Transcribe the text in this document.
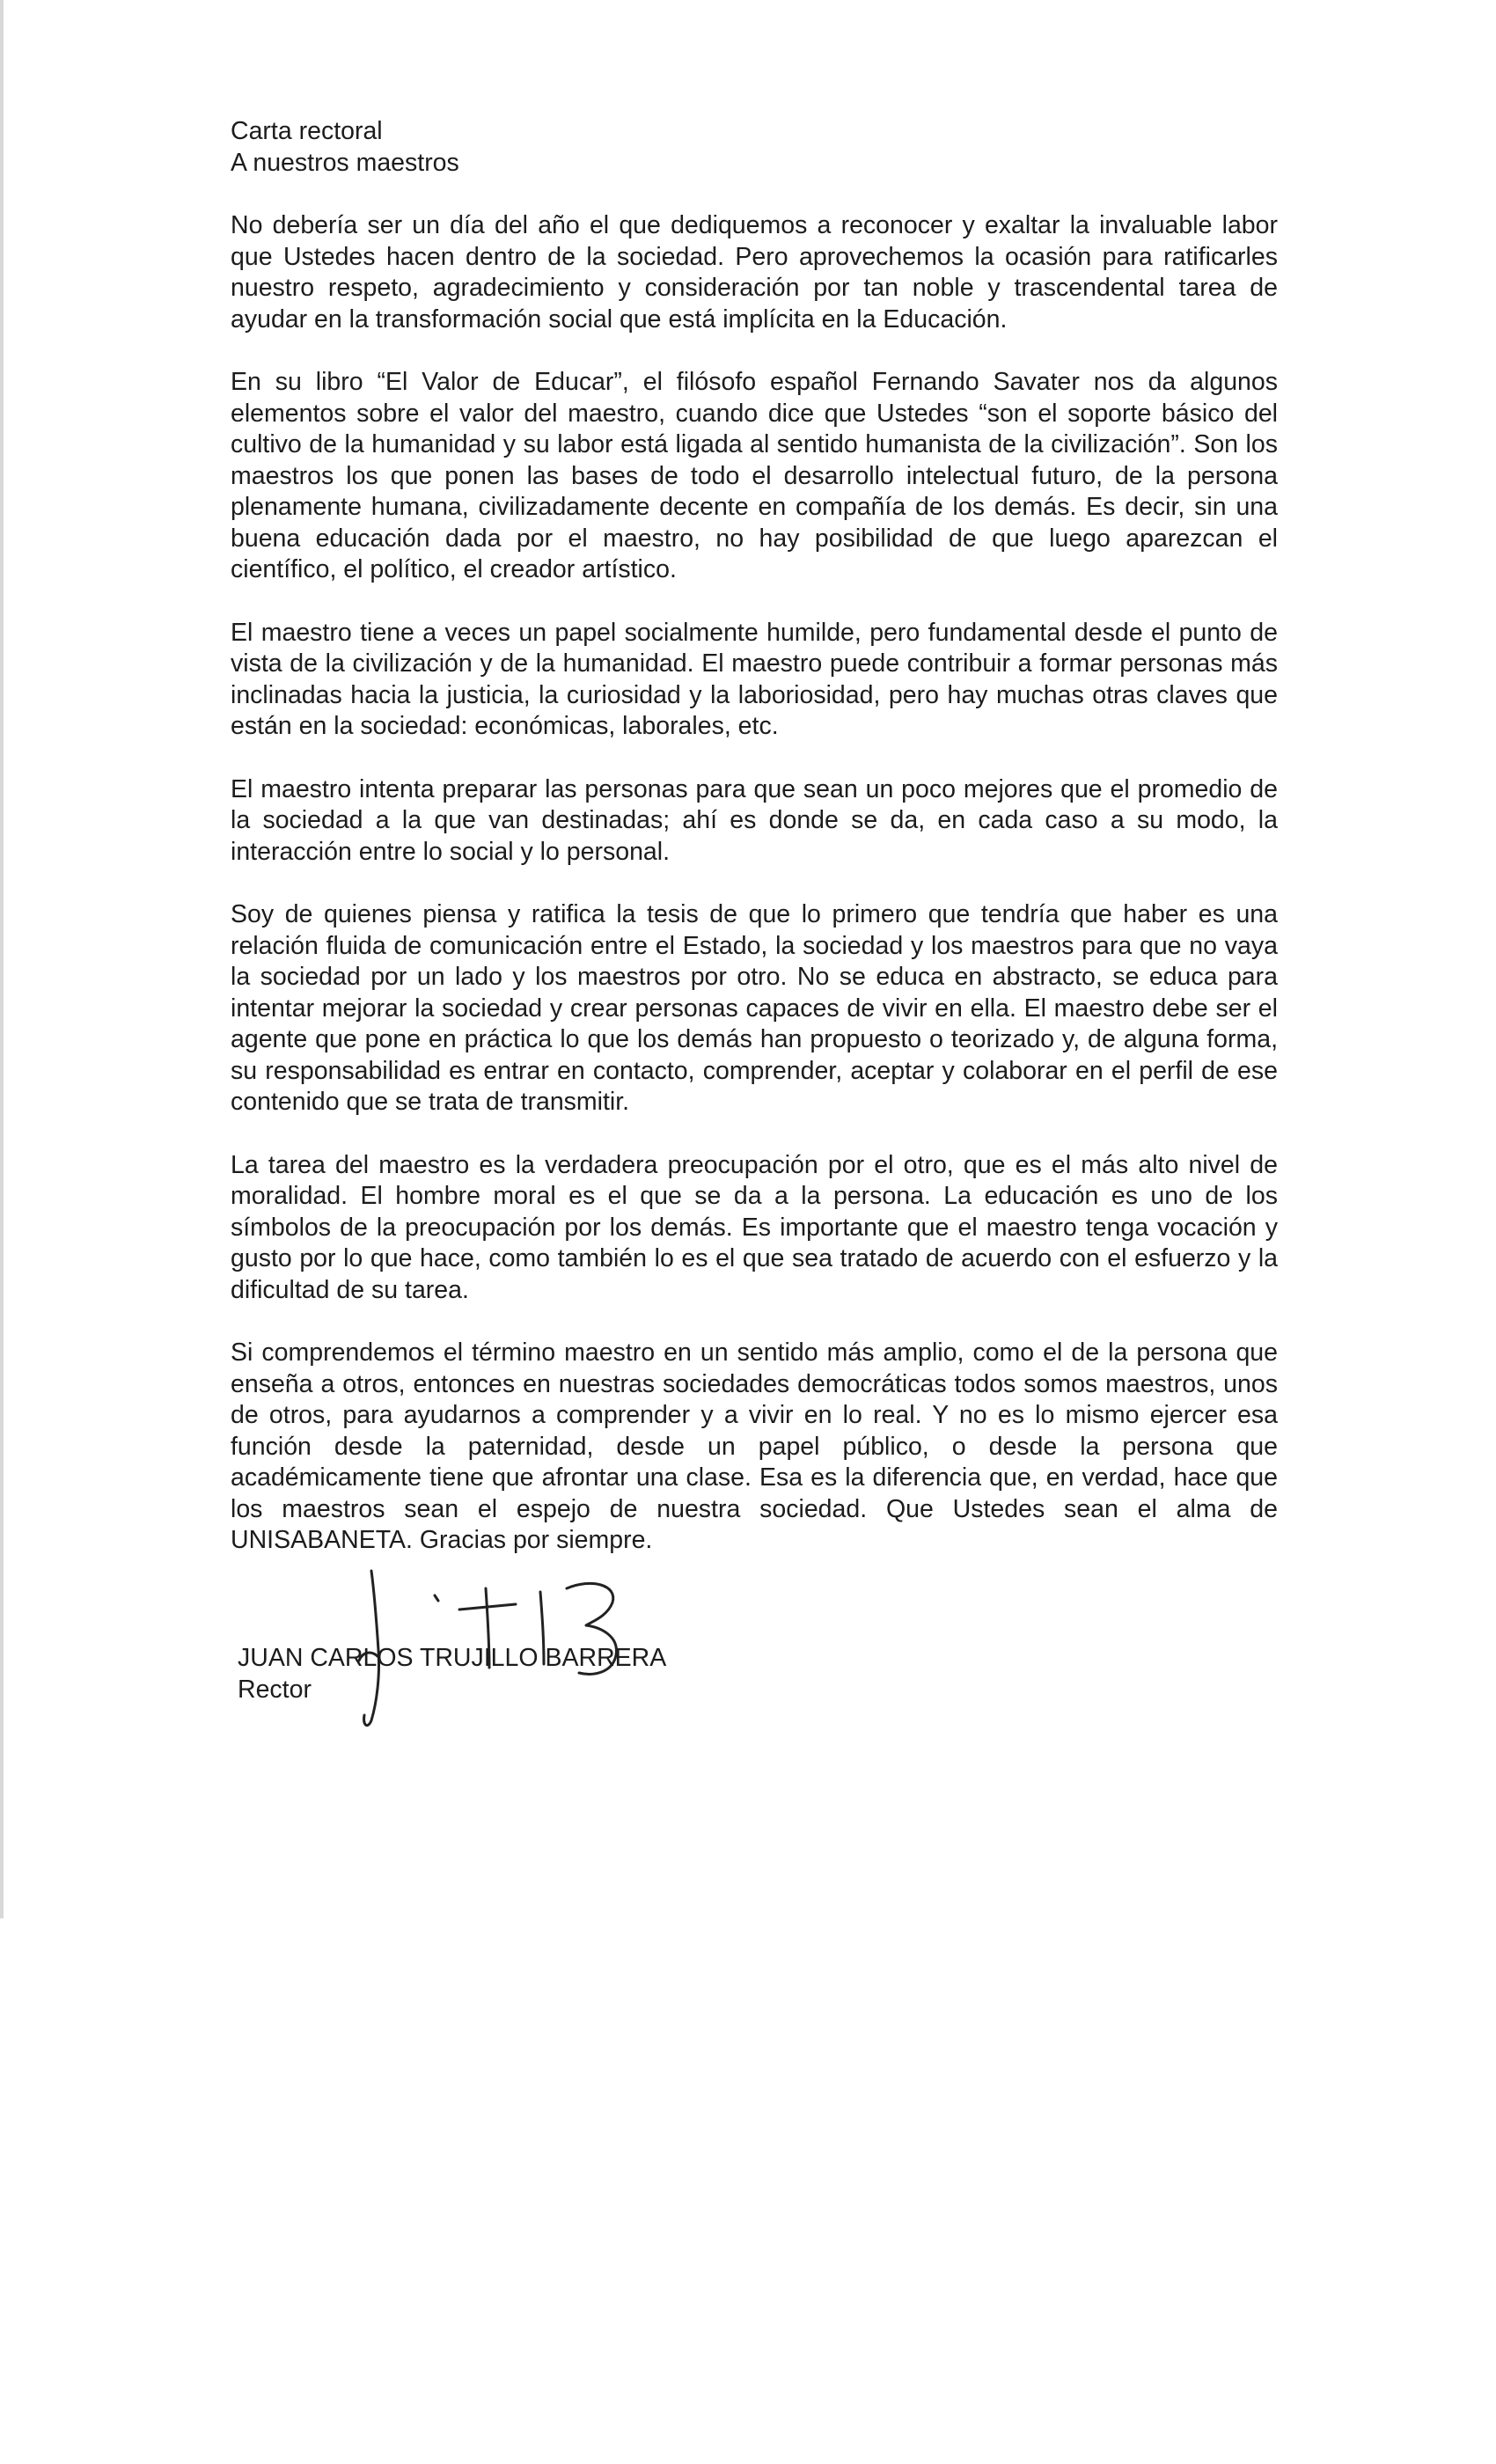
Carta rectoral
A nuestros maestros

No debería ser un día del año el que dediquemos a reconocer y exaltar la invaluable labor que Ustedes hacen dentro de la sociedad. Pero aprovechemos la ocasión para ratificarles nuestro respeto, agradecimiento y consideración por tan noble y trascendental tarea de ayudar en la transformación social que está implícita en la Educación.

En su libro “El Valor de Educar”, el filósofo español Fernando Savater nos da algunos elementos sobre el valor del maestro, cuando dice que Ustedes “son el soporte básico del cultivo de la humanidad y su labor está ligada al sentido humanista de la civilización”. Son los maestros los que ponen las bases de todo el desarrollo intelectual futuro, de la persona plenamente humana, civilizadamente decente en compañía de los demás. Es decir, sin una buena educación dada por el maestro, no hay posibilidad de que luego aparezcan el científico, el político, el creador artístico.

El maestro tiene a veces un papel socialmente humilde, pero fundamental desde el punto de vista de la civilización y de la humanidad. El maestro puede contribuir a formar personas más inclinadas hacia la justicia, la curiosidad y la laboriosidad, pero hay muchas otras claves que están en la sociedad: económicas, laborales, etc.

El maestro intenta preparar las personas para que sean un poco mejores que el promedio de la sociedad a la que van destinadas; ahí es donde se da, en cada caso a su modo, la interacción entre lo social y lo personal.

Soy de quienes piensa y ratifica la tesis de que lo primero que tendría que haber es una relación fluida de comunicación entre el Estado, la sociedad y los maestros para que no vaya la sociedad por un lado y los maestros por otro. No se educa en abstracto, se educa para intentar mejorar la sociedad y crear personas capaces de vivir en ella. El maestro debe ser el agente que pone en práctica lo que los demás han propuesto o teorizado y, de alguna forma, su responsabilidad es entrar en contacto, comprender, aceptar y colaborar en el perfil de ese contenido que se trata de transmitir.

La tarea del maestro es la verdadera preocupación por el otro, que es el más alto nivel de moralidad. El hombre moral es el que se da a la persona. La educación es uno de los símbolos de la preocupación por los demás. Es importante que el maestro tenga vocación y gusto por lo que hace, como también lo es el que sea tratado de acuerdo con el esfuerzo y la dificultad de su tarea.

Si comprendemos el término maestro en un sentido más amplio, como el de la persona que enseña a otros, entonces en nuestras sociedades democráticas todos somos maestros, unos de otros, para ayudarnos a comprender y a vivir en lo real. Y no es lo mismo ejercer esa función desde la paternidad, desde un papel público, o desde la persona que académicamente tiene que afrontar una clase. Esa es la diferencia que, en verdad, hace que los maestros sean el espejo de nuestra sociedad. Que Ustedes sean el alma de UNISABANETA. Gracias por siempre.

JUAN CARLOS TRUJILLO BARRERA
Rector
